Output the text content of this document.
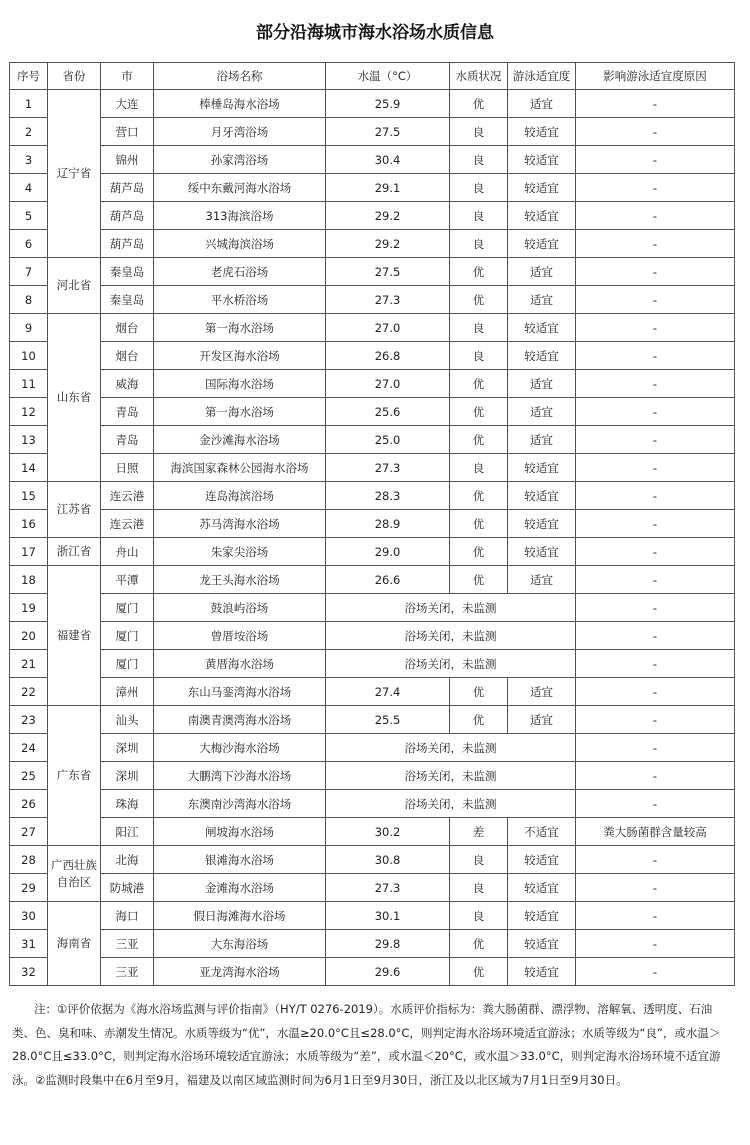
部分沿海城市海水浴场水质信息
序号	省份	市	浴场名称	水温（°C）	水质状况	游泳适宜度	影响游泳适宜度原因
1	辽宁省	大连	棒棰岛海水浴场	25.9	优	适宜	-
2		营口	月牙湾浴场	27.5	良	较适宜	-
3		锦州	孙家湾浴场	30.4	良	较适宜	-
4		葫芦岛	绥中东戴河海水浴场	29.1	良	较适宜	-
5		葫芦岛	313海滨浴场	29.2	良	较适宜	-
6		葫芦岛	兴城海滨浴场	29.2	良	较适宜	-
7	河北省	秦皇岛	老虎石浴场	27.5	优	适宜	-
8		秦皇岛	平水桥浴场	27.3	优	适宜	-
9	山东省	烟台	第一海水浴场	27.0	良	较适宜	-
10		烟台	开发区海水浴场	26.8	良	较适宜	-
11		威海	国际海水浴场	27.0	优	适宜	-
12		青岛	第一海水浴场	25.6	优	适宜	-
13		青岛	金沙滩海水浴场	25.0	优	适宜	-
14		日照	海滨国家森林公园海水浴场	27.3	良	较适宜	-
15	江苏省	连云港	连岛海滨浴场	28.3	优	较适宜	-
16		连云港	苏马湾海水浴场	28.9	优	较适宜	-
17	浙江省	舟山	朱家尖浴场	29.0	优	较适宜	-
18	福建省	平潭	龙王头海水浴场	26.6	优	适宜	-
19		厦门	鼓浪屿浴场	浴场关闭，未监测			-
20		厦门	曾厝垵浴场	浴场关闭，未监测			-
21		厦门	黄厝海水浴场	浴场关闭，未监测			-
22		漳州	东山马銮湾海水浴场	27.4	优	适宜	-
23	广东省	汕头	南澳青澳湾海水浴场	25.5	优	适宜	-
24		深圳	大梅沙海水浴场	浴场关闭，未监测			-
25		深圳	大鹏湾下沙海水浴场	浴场关闭，未监测			-
26		珠海	东澳南沙湾海水浴场	浴场关闭，未监测			-
27		阳江	闸坡海水浴场	30.2	差	不适宜	粪大肠菌群含量较高
28	广西壮族自治区	北海	银滩海水浴场	30.8	良	较适宜	-
29		防城港	金滩海水浴场	27.3	良	较适宜	-
30	海南省	海口	假日海滩海水浴场	30.1	良	较适宜	-
31		三亚	大东海浴场	29.8	优	较适宜	-
32		三亚	亚龙湾海水浴场	29.6	优	较适宜	-
注：①评价依据为《海水浴场监测与评价指南》（HY/T 0276-2019）。水质评价指标为：粪大肠菌群、漂浮物、溶解氧、透明度、石油类、色、臭和味、赤潮发生情况。水质等级为“优”，水温≥20.0°C且≤28.0°C，则判定海水浴场环境适宜游泳；水质等级为“良”，或水温＞28.0°C且≤33.0°C，则判定海水浴场环境较适宜游泳；水质等级为“差”，或水温＜20°C，或水温＞33.0°C，则判定海水浴场环境不适宜游泳。②监测时段集中在6月至9月，福建及以南区域监测时间为6月1日至9月30日，浙江及以北区域为7月1日至9月30日。
